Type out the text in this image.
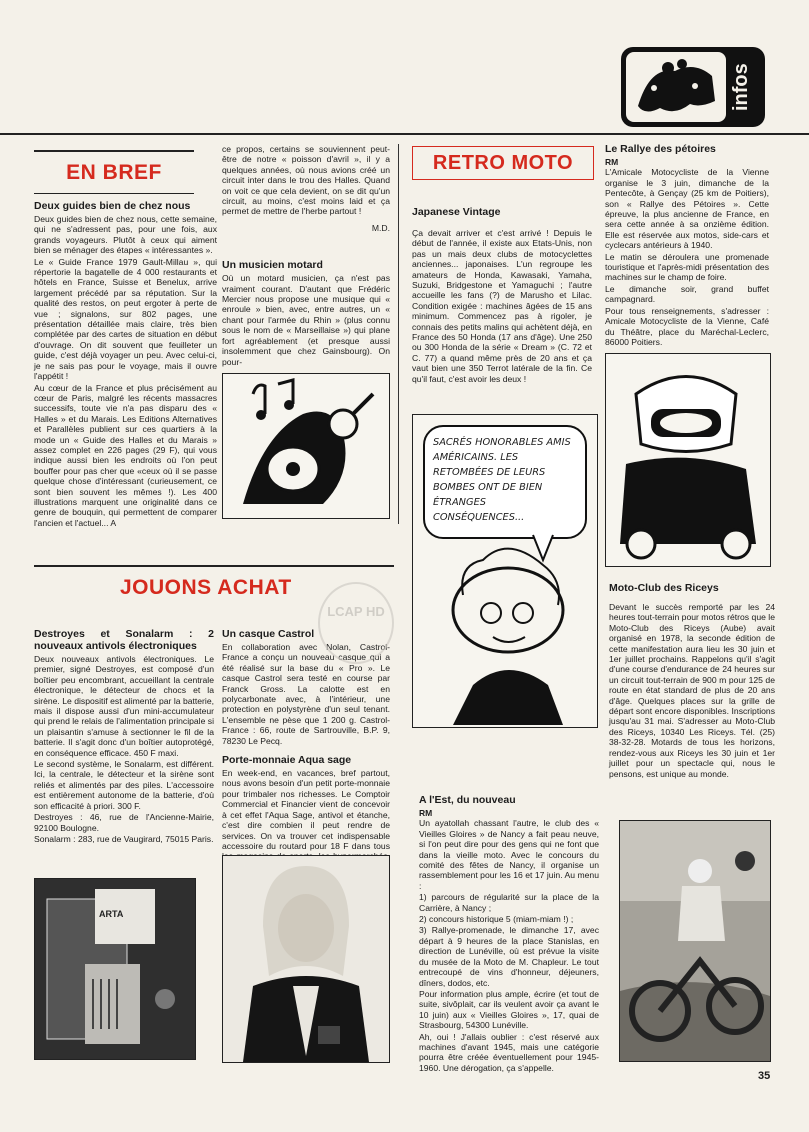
infos
EN BREF
Deux guides bien de chez nous

Deux guides bien de chez nous, cette semaine, qui ne s'adressent pas, pour une fois, aux grands voyageurs. Plutôt à ceux qui aiment bien se ménager des étapes « intéressantes ».

Le « Guide France 1979 Gault-Millau », qui répertorie la bagatelle de 4 000 restaurants et hôtels en France, Suisse et Benelux, arrive largement précédé par sa réputation. Sur la qualité des restos, on peut ergoter à perte de vue ; signalons, sur 802 pages, une présentation détaillée mais claire, très bien complétée par des cartes de situation en début d'ouvrage. On dit souvent que feuilleter un guide, c'est déjà voyager un peu. Avec celui-ci, je ne sais pas pour le voyage, mais il ouvre l'appétit !

Au cœur de la France et plus précisément au cœur de Paris, malgré les récents massacres successifs, toute vie n'a pas disparu des « Halles » et du Marais. Les Editions Alternatives et Parallèles publient sur ces quartiers à la mode un « Guide des Halles et du Marais » assez complet en 226 pages (29 F), qui vous indique aussi bien les endroits où l'on peut bouffer pour pas cher que «ceux où il se passe quelque chose d'intéressant (curieusement, ce sont bien souvent les mêmes !). Les 400 illustrations marquent une originalité dans ce genre de bouquin, qui permettent de comparer l'ancien et l'actuel... A

ce propos, certains se souviennent peut-être de notre « poisson d'avril », il y a quelques années, où nous avions créé un circuit inter dans le trou des Halles. Quand on voit ce que cela devient, on se dit qu'un circuit, au moins, c'est moins laid et ça permet de mettre de l'herbe partout !

M.D.
Un musicien motard

Où un motard musicien, ça n'est pas vraiment courant. D'autant que Frédéric Mercier nous propose une musique qui « enroule » bien, avec, entre autres, un « chant pour l'armée du Rhin » (plus connu sous le nom de « Marseillaise ») qui plane fort agréablement (et presque aussi insolemment que chez Gainsbourg). On pour-

RETRO MOTO
Japanese Vintage

Ça devait arriver et c'est arrivé ! Depuis le début de l'année, il existe aux Etats-Unis, non pas un mais deux clubs de motocyclettes anciennes... japonaises. L'un regroupe les amateurs de Honda, Kawasaki, Yamaha, Suzuki, Bridgestone et Yamaguchi ; l'autre accueille les fans (?) de Marusho et Lilac. Condition exigée : machines âgées de 15 ans minimum. Commencez pas à rigoler, je connais des petits malins qui achètent déjà, en France des 50 Honda (17 ans d'âge). Une 250 ou 300 Honda de la série « Dream » (C. 72 et C. 77) a quand même près de 20 ans et ça vaut bien une 350 Terrot latérale de la fin. Ce qu'il faut, c'est avoir les deux !

SACRÉS HONORABLES AMIS AMÉRICAINS. LES RETOMBÉES DE LEURS BOMBES ONT DE BIEN ÉTRANGES CONSÉQUENCES...
Le Rallye des pétoires
RM

L'Amicale Motocycliste de la Vienne organise le 3 juin, dimanche de la Pentecôte, à Gençay (25 km de Poitiers), son « Rallye des Pétoires ». Cette épreuve, la plus ancienne de France, en sera cette année à sa onzième édition. Elle est réservée aux motos, side-cars et cyclecars antérieurs à 1940.

Le matin se déroulera une promenade touristique et l'après-midi présentation des machines sur le champ de foire.

Le dimanche soir, grand buffet campagnard.

Pour tous renseignements, s'adresser : Amicale Motocycliste de la Vienne, Café du Théâtre, place du Maréchal-Leclerc, 86000 Poitiers.

Moto-Club des Riceys

Devant le succès remporté par les 24 heures tout-terrain pour motos rétros que le Moto-Club des Riceys (Aube) avait organisé en 1978, la seconde édition de cette manifestation aura lieu les 30 juin et 1er juillet prochains. Rappelons qu'il s'agit d'une course d'endurance de 24 heures sur un circuit tout-terrain de 900 m pour 125 de route en état standard de plus de 20 ans d'âge. Quelques places sur la grille de départ sont encore disponibles. Inscriptions jusqu'au 31 mai. S'adresser au Moto-Club des Riceys, 10340 Les Riceys. Tél. (25) 38-32-28. Motards de tous les horizons, rendez-vous aux Riceys les 30 juin et 1er juillet pour un spectacle qui, nous le pensons, est unique au monde.

JOUONS ACHAT
Destroyes et Sonalarm : 2 nouveaux antivols électroniques

Deux nouveaux antivols électroniques. Le premier, signé Destroyes, est composé d'un boîtier peu encombrant, accueillant la centrale électronique, le détecteur de chocs et la sirène. Le dispositif est alimenté par la batterie, mais il dispose aussi d'un mini-accumulateur qui prend le relais de l'alimentation principale si un plaisantin s'amuse à sectionner le fil de la batterie. Il s'agit donc d'un boîtier autoprotégé, en conséquence efficace. 450 F maxi.

Le second système, le Sonalarm, est différent. Ici, la centrale, le détecteur et la sirène sont reliés et alimentés par des piles. L'accessoire est entièrement autonome de la batterie, d'où son efficacité à priori. 300 F.

Destroyes : 46, rue de l'Ancienne-Mairie, 92100 Boulogne.

Sonalarm : 283, rue de Vaugirard, 75015 Paris.

Un casque Castrol

En collaboration avec Nolan, Castrol-France a conçu un nouveau casque qui a été réalisé sur la base du « Pro ». Le casque Castrol sera testé en course par Franck Gross. La calotte est en polycarbonate avec, à l'intérieur, une protection en polystyrène d'un seul tenant. L'ensemble ne pèse que 1 200 g. Castrol-France : 66, route de Sartrouville, B.P. 9, 78230 Le Pecq.

Porte-monnaie Aqua sage

En week-end, en vacances, bref partout, nous avons besoin d'un petit porte-monnaie pour trimbaler nos richesses. Le Comptoir Commercial et Financier vient de concevoir à cet effet l'Aqua Sage, antivol et étanche, c'est dire combien il peut rendre de services. On va trouver cet indispensable accessoire du routard pour 18 F dans tous

LCAP HD
ARTA
A l'Est, du nouveau
RM

Un ayatollah chassant l'autre, le club des « Vieilles Gloires » de Nancy a fait peau neuve, si l'on peut dire pour des gens qui ne font que dans la vieille moto. Avec le concours du comité des fêtes de Nancy, il organise un rassemblement pour les 16 et 17 juin. Au menu :

1) parcours de régularité sur la place de la Carrière, à Nancy ;

2) concours historique 5 (miam-miam !) ;

3) Rallye-promenade, le dimanche 17, avec départ à 9 heures de la place Stanislas, en direction de Lunéville, où est prévue la visite du musée de la Moto de M. Chapleur. Le tout entrecoupé de vins d'honneur, déjeuners, dîners, dodos, etc.

Pour information plus ample, écrire (et tout de suite, sivôplait, car ils veulent avoir ça avant le 10 juin) aux « Vieilles Gloires », 17, quai de Strasbourg, 54300 Lunéville.

Ah, oui ! J'allais oublier : c'est réservé aux machines d'avant 1945, mais une catégorie pourra être créée éventuellement pour 1945-1960. Une dérogation, ça s'appelle.

35
